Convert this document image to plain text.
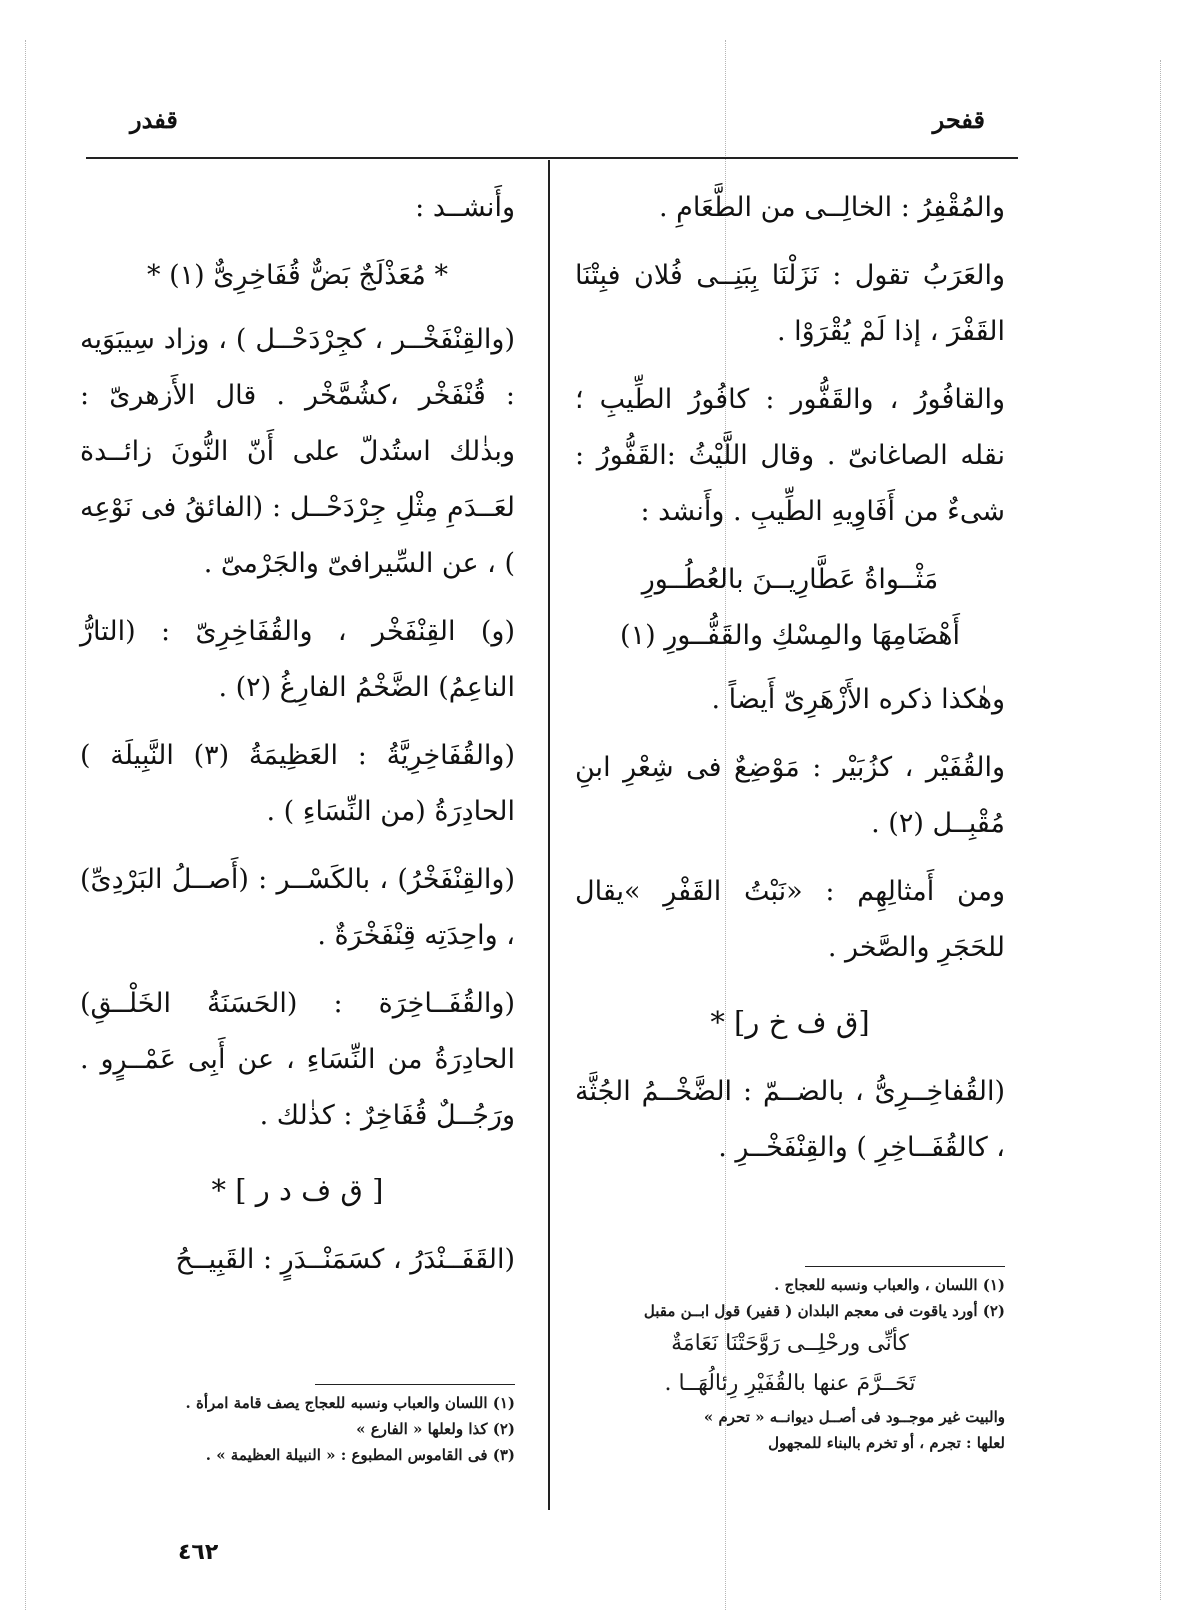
قفحر
قفدر

والمُقْفِرُ : الخالِــى من الطَّعَامِ .

والعَرَبُ تقول : نَزَلْنَا بِبَنِــى فُلان فبِتْنَا القَفْرَ ، إذا لَمْ يُقْرَوْا .

والقافُورُ ، والقَفُّور : كافُورُ الطِّيبِ ؛ نقله الصاغانىّ . وقال اللَّيْثُ :القَفُّورُ : شىءٌ من أَفَاوِيهِ الطِّيبِ . وأَنشد :

مَثْــواةُ عَطَّارِيــنَ بالعُطُــورِ

أَهْضَامِهَا والمِسْكِ والقَفُّــورِ (١)

وهٰكذا ذكره الأَزْهَرِىّ أَيضاً .

والقُفَيْر ، كزُبَيْر : مَوْضِعٌ فى شِعْرِ ابنِ مُقْبِــل (٢) .

ومن أَمثالِهِم : «نَبْتُ القَفْرِ »يقال للحَجَرِ والصَّخر .

[ق ف خ ر] *

(القُفاخِــرِىُّ ، بالضــمّ : الضَّخْــمُ الجُثَّة ، كالقُفَــاخِرِ ) والقِنْفَخْــرِ .

وأَنشــد :

* مُعَذْلَجٌ بَضٌّ قُفَاخِرِىٌّ (١) *

(والقِنْفَخْــر ، كجِرْدَحْــل ) ، وزاد سِيبَوَيه : قُنْفَخْر ،كشُمَّخْر . قال الأَزهرىّ : وبذٰلك استُدلّ على أَنّ النُّونَ زائــدة لعَــدَمِ مِثْلِ جِرْدَحْــل : (الفائقُ فى نَوْعِه ) ، عن السِّيرافىّ والجَرْمىّ .

(و) القِنْفَخْر ، والقُفَاخِرِىّ : (التارُّ الناعِمُ) الضَّخْمُ الفارِغُ (٢) .

(والقُفَاخِرِيَّةُ : العَظِيمَةُ (٣) النَّبِيلَة ) الحادِرَةُ (من النِّسَاءِ ) .

(والقِنْفَخْرُ) ، بالكَسْــر : (أَصــلُ البَرْدِىِّ) ، واحِدَتِه قِنْفَخْرَةٌ .

(والقُفَــاخِرَة : (الحَسَنَةُ الخَلْــقِ) الحادِرَةُ من النِّسَاءِ ، عن أَبِى عَمْــرٍو . ورَجُــلٌ قُفَاخِرٌ : كذٰلك .

[ ق ف د ر ] *

(القَفَــنْدَرُ ، كسَمَنْــدَرٍ : القَبِيــحُ

(١) اللسان ، والعباب ونسبه للعجاج .
(٢) أورد ياقوت فى معجم البلدان ( قفير) قول ابــن مقبل
كأنِّى ورحْلِــى رَوَّحَتْنَا نَعَامَةٌ
تَحَــرَّمَ عنها بالقُفَيْرِ رِئالُهَــا .
والبيت غير موجــود فى أصــل ديوانــه « تحرم »
لعلها : تجرم ، أو تخرم بالبناء للمجهول
(١) اللسان والعباب ونسبه للعجاج يصف قامة امرأة .
(٢) كذا ولعلها « الفارع »
(٣) فى القاموس المطبوع : « النبيلة العظيمة » .
٤٦٢
